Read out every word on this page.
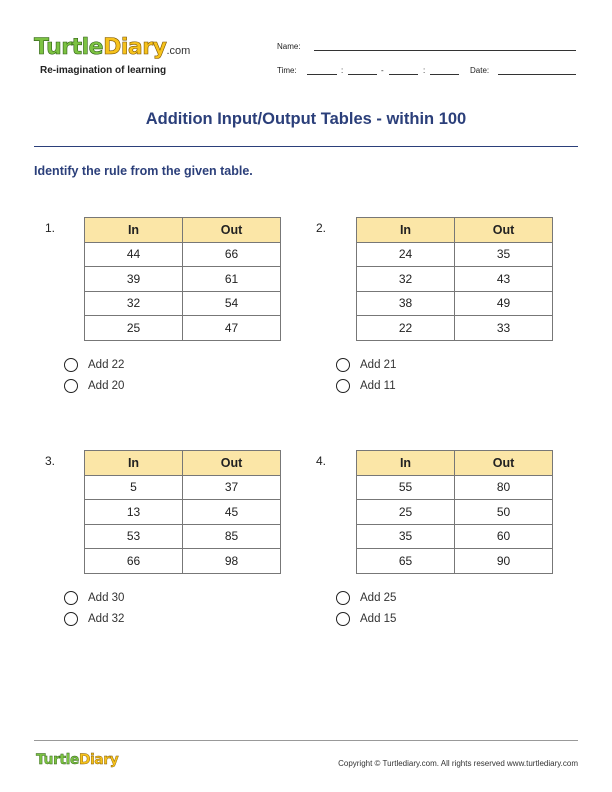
TurtleDiary.com
Re-imagination of learning
Name:
Time:	:	-	:	Date:
Addition Input/Output Tables - within 100
Identify the rule from the given table.
1.	In	Out
44	66
39	61
32	54
25	47
Add 22
Add 20
2.	In	Out
24	35
32	43
38	49
22	33
Add 21
Add 11
3.	In	Out
5	37
13	45
53	85
66	98
Add 30
Add 32
4.	In	Out
55	80
25	50
35	60
65	90
Add 25
Add 15
TurtleDiary	Copyright © Turtlediary.com. All rights reserved www.turtlediary.com
